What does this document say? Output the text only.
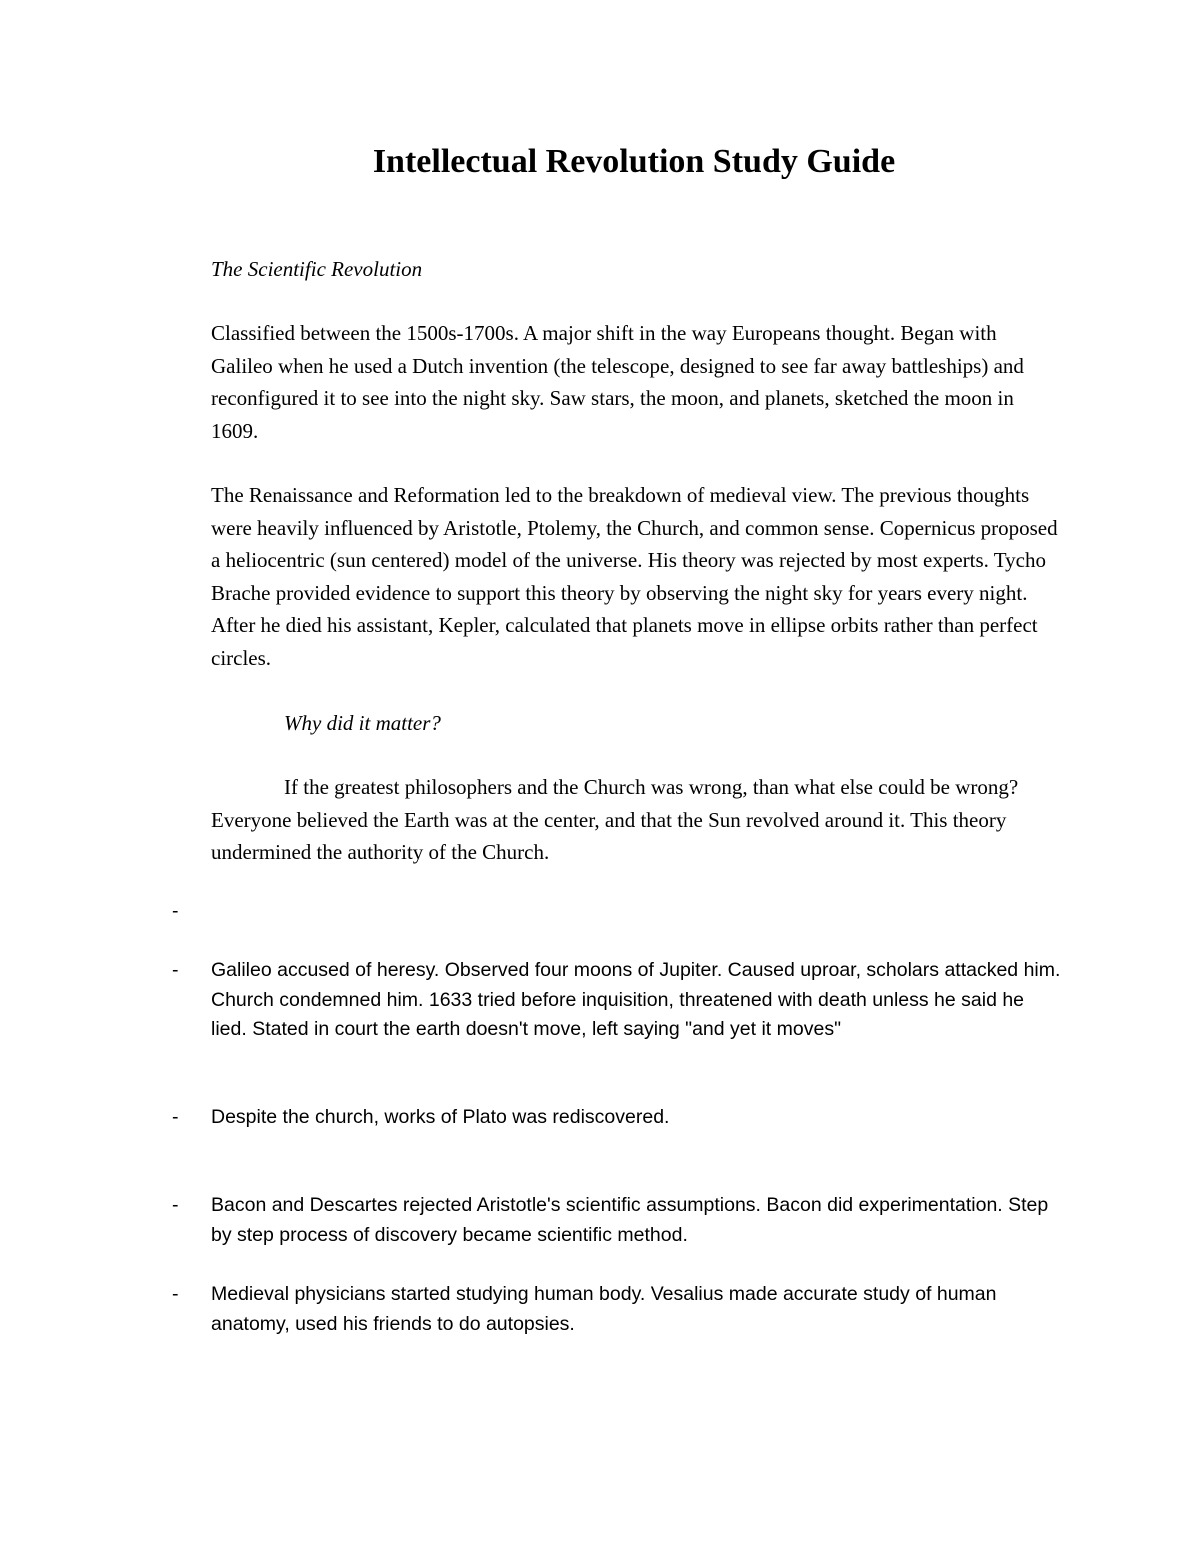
Intellectual Revolution Study Guide

The Scientific Revolution

Classified between the 1500s-1700s. A major shift in the way Europeans thought. Began with Galileo when he used a Dutch invention (the telescope, designed to see far away battleships) and reconfigured it to see into the night sky. Saw stars, the moon, and planets, sketched the moon in 1609.

The Renaissance and Reformation led to the breakdown of medieval view. The previous thoughts were heavily influenced by Aristotle, Ptolemy, the Church, and common sense. Copernicus proposed a heliocentric (sun centered) model of the universe. His theory was rejected by most experts. Tycho Brache provided evidence to support this theory by observing the night sky for years every night. After he died his assistant, Kepler, calculated that planets move in ellipse orbits rather than perfect circles.

Why did it matter?

If the greatest philosophers and the Church was wrong, than what else could be wrong? Everyone believed the Earth was at the center, and that the Sun revolved around it. This theory undermined the authority of the Church.

-
-	Galileo accused of heresy. Observed four moons of Jupiter. Caused uproar, scholars attacked him. Church condemned him. 1633 tried before inquisition, threatened with death unless he said he lied. Stated in court the earth doesn't move, left saying "and yet it moves"
-	Despite the church, works of Plato was rediscovered.
-	Bacon and Descartes rejected Aristotle's scientific assumptions. Bacon did experimentation. Step by step process of discovery became scientific method.
-	Medieval physicians started studying human body. Vesalius made accurate study of human anatomy, used his friends to do autopsies.
